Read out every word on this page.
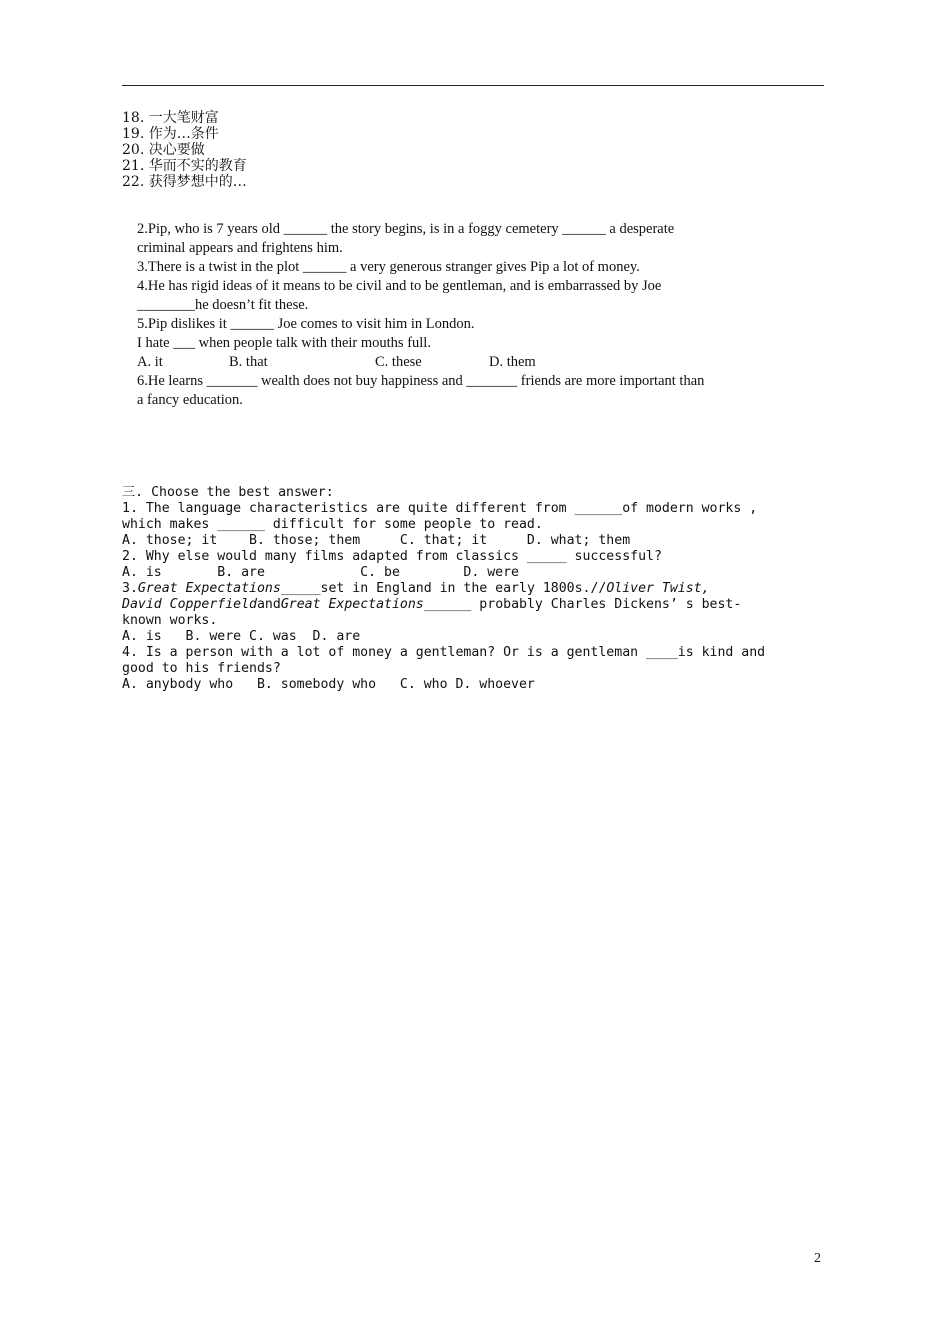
18. 一大笔财富
19. 作为…条件
20. 决心要做
21. 华而不实的教育
22. 获得梦想中的…
2.Pip, who is 7 years old ______ the story begins, is in a foggy cemetery ______ a desperate
criminal appears and frightens him.
3.There is a twist in the plot ______ a very generous stranger gives Pip a lot of money.
4.He has rigid ideas of it means to be civil and to be gentleman, and is embarrassed by Joe
________he doesn’t fit these.
5.Pip dislikes it ______ Joe comes to visit him in London.
I hate ___ when people talk with their mouths full.
A. it	B. that	C. these	D. them
6.He learns _______ wealth does not buy happiness and _______ friends are more important than
a fancy education.
三. Choose the best answer:
1. The language characteristics are quite different from ______of modern works ,
which makes ______ difficult for some people to read.
A. those; it    B. those; them     C. that; it     D. what; them
2. Why else would many films adapted from classics _____ successful?
A. is       B. are            C. be        D. were
3. Great Expectations _____set in England in the early 1800s.// Oliver Twist,
David Copperfield and Great Expectations ______ probably Charles Dickens’ s best-
known works.
A. is   B. were C. was  D. are
4. Is a person with a lot of money a gentleman? Or is a gentleman ____is kind and
good to his friends?
A. anybody who   B. somebody who   C. who D. whoever
2
